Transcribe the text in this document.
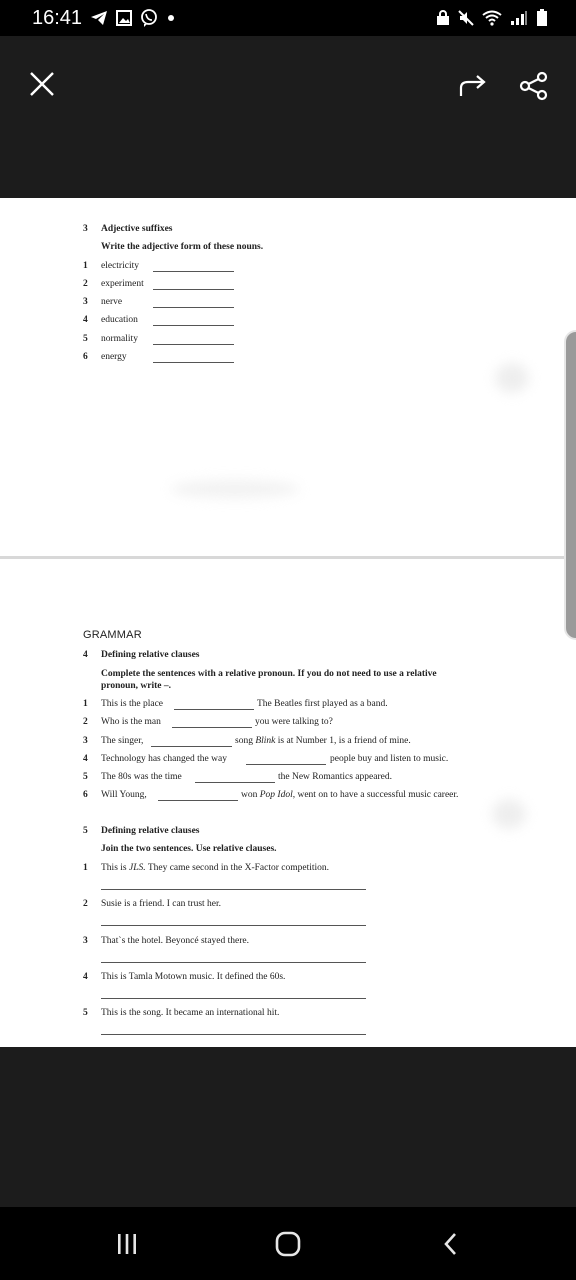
16:41
3 Adjective suffixes
Write the adjective form of these nouns.
1 electricity
2 experiment
3 nerve
4 education
5 normality
6 energy
GRAMMAR
4 Defining relative clauses
Complete the sentences with a relative pronoun. If you do not need to use a relative
pronoun, write –.
1 This is the place	The Beatles first played as a band.
2 Who is the man	you were talking to?
3 The singer,	song Blink is at Number 1, is a friend of mine.
4 Technology has changed the way	people buy and listen to music.
5 The 80s was the time	the New Romantics appeared.
6 Will Young,	won Pop Idol, went on to have a successful music career.
5 Defining relative clauses
Join the two sentences. Use relative clauses.
1 This is JLS. They came second in the X-Factor competition.
2 Susie is a friend. I can trust her.
3 That`s the hotel. Beyoncé stayed there.
4 This is Tamla Motown music. It defined the 60s.
5 This is the song. It became an international hit.
